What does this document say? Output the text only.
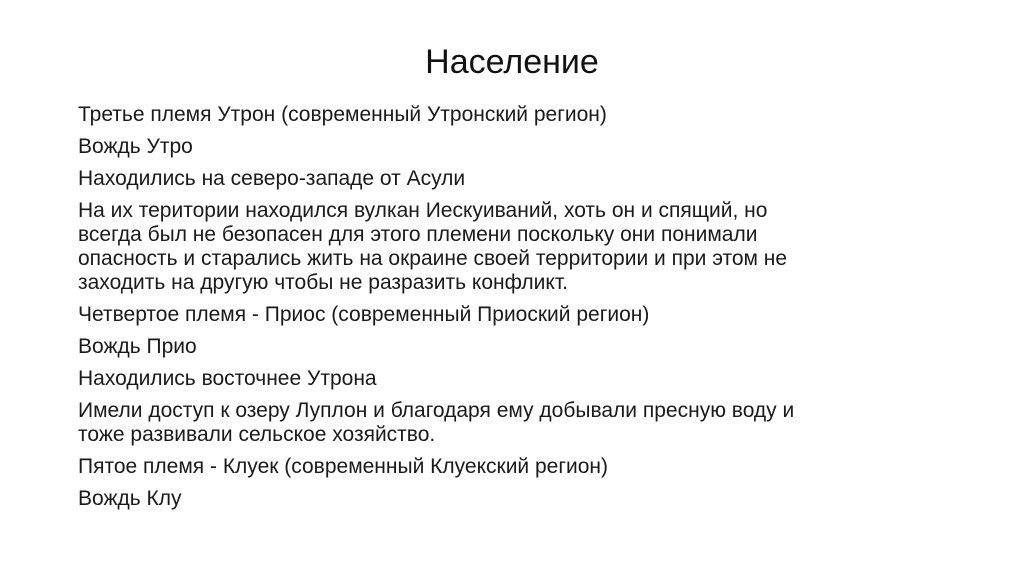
Население
Третье племя Утрон (современный Утронский регион)
Вождь Утро
Находились на северо-западе от Асули
На их територии находился вулкан Иескуиваний, хоть он и спящий, но
всегда был не безопасен для этого племени поскольку они понимали
опасность и старались жить на окраине своей территории и при этом не
заходить на другую чтобы не разразить конфликт.
Четвертое племя - Приос (современный Приоский регион)
Вождь Прио
Находились восточнее Утрона
Имели доступ к озеру Луплон и благодаря ему добывали пресную воду и
тоже развивали сельское хозяйство.
Пятое племя - Клуек (современный Клуекский регион)
Вождь Клу
